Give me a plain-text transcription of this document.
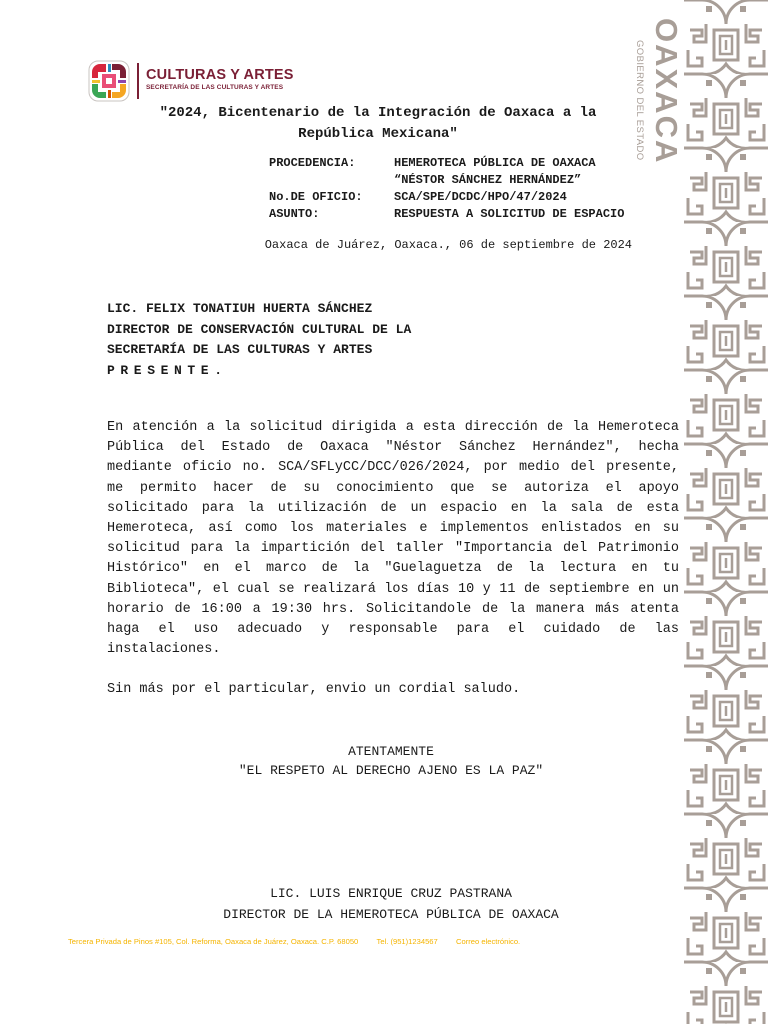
CULTURAS Y ARTES
SECRETARÍA DE LAS CULTURAS Y ARTES	OAXACA
GOBIERNO DEL ESTADO
"2024, Bicentenario de la Integración de Oaxaca a la
República Mexicana"
PROCEDENCIA:	HEMEROTECA PÚBLICA DE OAXACA
“NÉSTOR SÁNCHEZ HERNÁNDEZ”
No.DE OFICIO:	SCA/SPE/DCDC/HPO/47/2024
ASUNTO:	RESPUESTA A SOLICITUD DE ESPACIO
Oaxaca de Juárez, Oaxaca., 06 de septiembre de 2024
LIC. FELIX TONATIUH HUERTA SÁNCHEZ
DIRECTOR DE CONSERVACIÓN CULTURAL DE LA
SECRETARÍA DE LAS CULTURAS Y ARTES
PRESENTE.
En atención a la solicitud dirigida a esta dirección de la Hemeroteca Pública del Estado de Oaxaca "Néstor Sánchez Hernández", hecha mediante oficio no. SCA/SFLyCC/DCC/026/2024, por medio del presente, me permito hacer de su conocimiento que se autoriza el apoyo solicitado para la utilización de un espacio en la sala de esta Hemeroteca, así como los materiales e implementos enlistados en su solicitud para la impartición del taller "Importancia del Patrimonio Histórico" en el marco de la "Guelaguetza de la lectura en tu Biblioteca", el cual se realizará los días 10 y 11 de septiembre en un horario de 16:00 a 19:30 hrs. Solicitandole de la manera más atenta haga el uso adecuado y responsable para el cuidado de las instalaciones.
Sin más por el particular, envio un cordial saludo.
ATENTAMENTE
"EL RESPETO AL DERECHO AJENO ES LA PAZ"
LIC. LUIS ENRIQUE CRUZ PASTRANA
DIRECTOR DE LA HEMEROTECA PÚBLICA DE OAXACA
Tercera Privada de Pinos #105, Col. Reforma, Oaxaca de Juárez, Oaxaca. C.P. 68050 Tel. (951)1234567 Correo electrónico.
